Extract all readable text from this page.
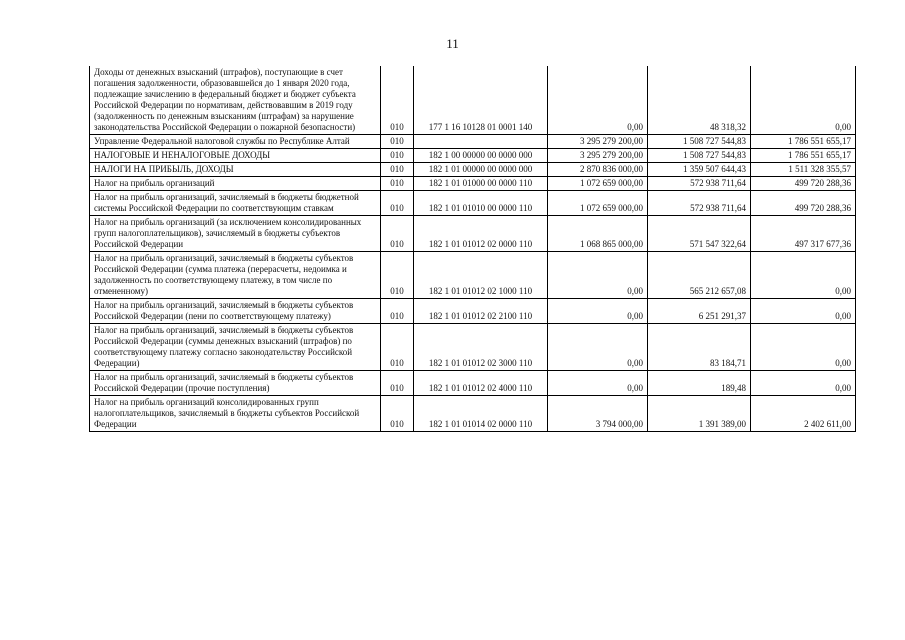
11
Доходы от денежных взысканий (штрафов), поступающие в счет погашения задолженности, образовавшейся до 1 января 2020 года, подлежащие зачислению в федеральный бюджет и бюджет субъекта Российской Федерации по нормативам, действовавшим в 2019 году (задолженность по денежным взысканиям (штрафам) за нарушение законодательства Российской Федерации о пожарной безопасности)	010	177 1 16 10128 01 0001 140	0,00	48 318,32	0,00
Управление Федеральной налоговой службы по Республике Алтай	010		3 295 279 200,00	1 508 727 544,83	1 786 551 655,17
НАЛОГОВЫЕ И НЕНАЛОГОВЫЕ ДОХОДЫ	010	182 1 00 00000 00 0000 000	3 295 279 200,00	1 508 727 544,83	1 786 551 655,17
НАЛОГИ НА ПРИБЫЛЬ, ДОХОДЫ	010	182 1 01 00000 00 0000 000	2 870 836 000,00	1 359 507 644,43	1 511 328 355,57
Налог на прибыль организаций	010	182 1 01 01000 00 0000 110	1 072 659 000,00	572 938 711,64	499 720 288,36
Налог на прибыль организаций, зачисляемый в бюджеты бюджетной системы Российской Федерации по соответствующим ставкам	010	182 1 01 01010 00 0000 110	1 072 659 000,00	572 938 711,64	499 720 288,36
Налог на прибыль организаций (за исключением консолидированных групп налогоплательщиков), зачисляемый в бюджеты субъектов Российской Федерации	010	182 1 01 01012 02 0000 110	1 068 865 000,00	571 547 322,64	497 317 677,36
Налог на прибыль организаций, зачисляемый в бюджеты субъектов Российской Федерации (сумма платежа (перерасчеты, недоимка и задолженность по соответствующему платежу, в том числе по отмененному)	010	182 1 01 01012 02 1000 110	0,00	565 212 657,08	0,00
Налог на прибыль организаций, зачисляемый в бюджеты субъектов Российской Федерации (пени по соответствующему платежу)	010	182 1 01 01012 02 2100 110	0,00	6 251 291,37	0,00
Налог на прибыль организаций, зачисляемый в бюджеты субъектов Российской Федерации (суммы денежных взысканий (штрафов) по соответствующему платежу согласно законодательству Российской Федерации)	010	182 1 01 01012 02 3000 110	0,00	83 184,71	0,00
Налог на прибыль организаций, зачисляемый в бюджеты субъектов Российской Федерации (прочие поступления)	010	182 1 01 01012 02 4000 110	0,00	189,48	0,00
Налог на прибыль организаций консолидированных групп налогоплательщиков, зачисляемый в бюджеты субъектов Российской Федерации	010	182 1 01 01014 02 0000 110	3 794 000,00	1 391 389,00	2 402 611,00
